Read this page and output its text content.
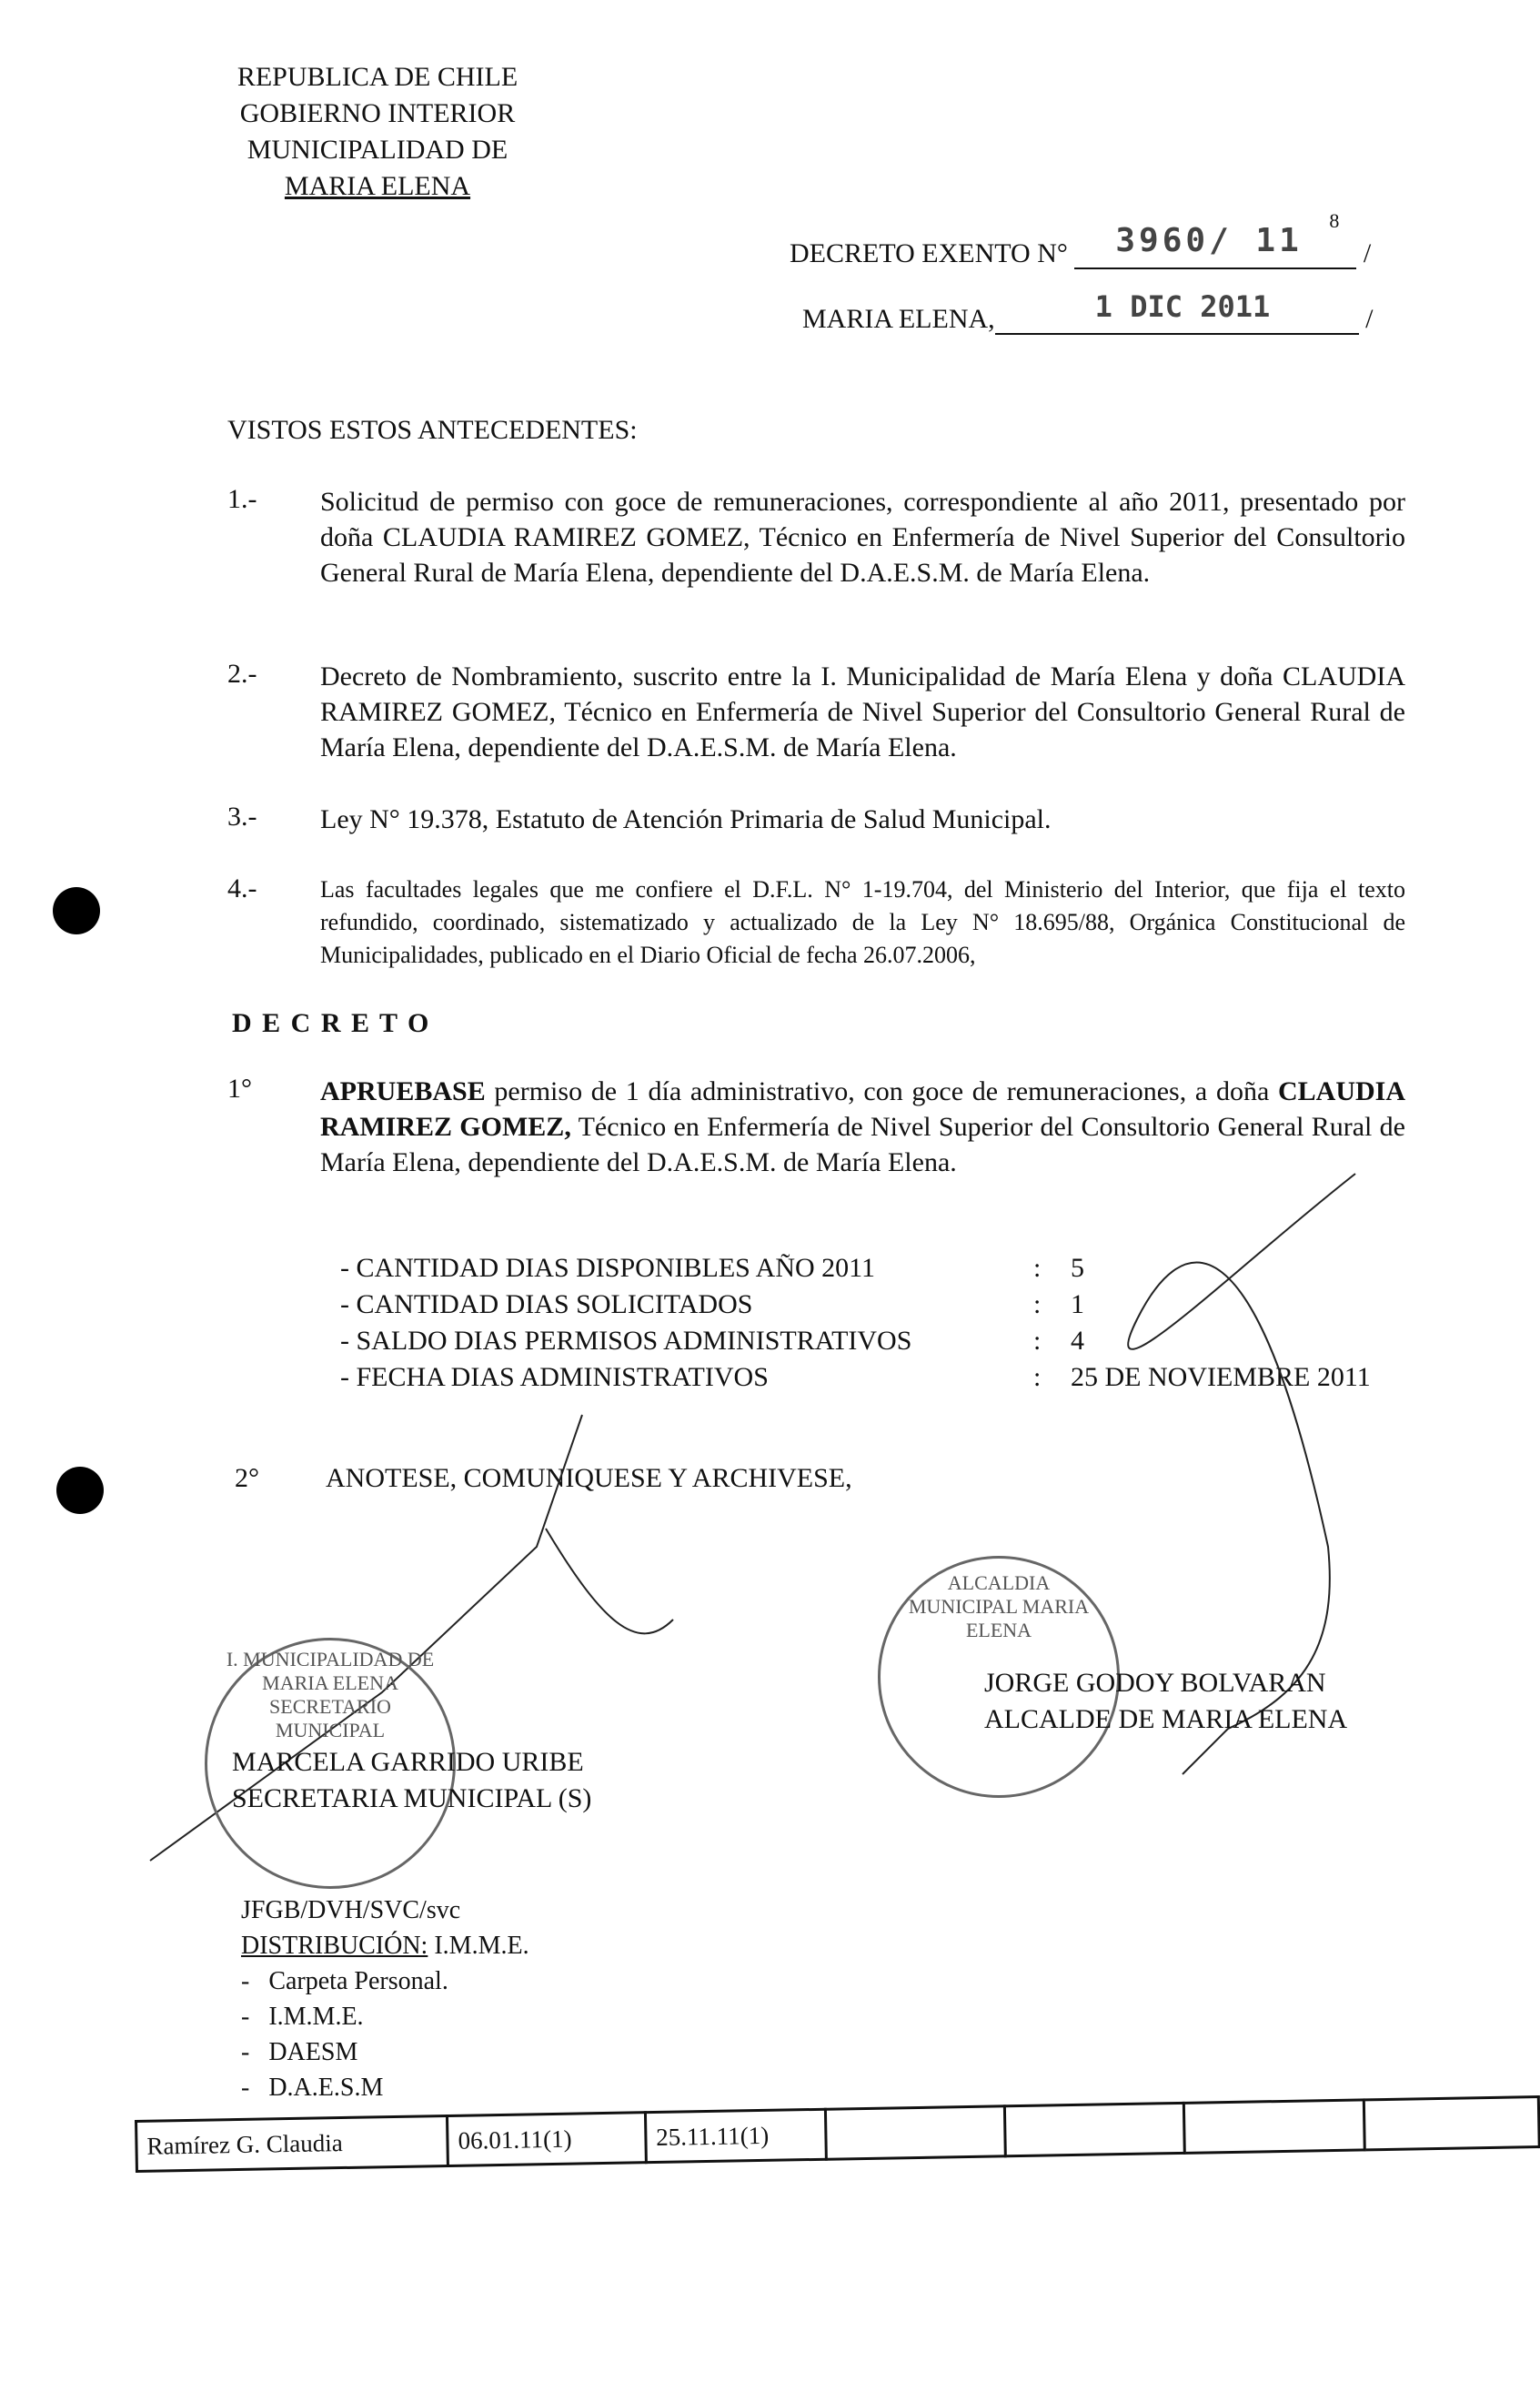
REPUBLICA DE CHILE
GOBIERNO INTERIOR
MUNICIPALIDAD DE
MARIA ELENA
DECRETO EXENTO N° 3960/ 11
8
/
MARIA ELENA,	1 DIC 2011	/
VISTOS ESTOS ANTECEDENTES:
1.-	Solicitud de permiso con goce de remuneraciones, correspondiente al año 2011, presentado por doña CLAUDIA RAMIREZ GOMEZ, Técnico en Enfermería de Nivel Superior del Consultorio General Rural de María Elena, dependiente del D.A.E.S.M. de María Elena.
2.-	Decreto de Nombramiento, suscrito entre la I. Municipalidad de María Elena y doña CLAUDIA RAMIREZ GOMEZ, Técnico en Enfermería de Nivel Superior del Consultorio General Rural de María Elena, dependiente del D.A.E.S.M. de María Elena.
3.-	Ley N° 19.378, Estatuto de Atención Primaria de Salud Municipal.
4.-	Las facultades legales que me confiere el D.F.L. N° 1-19.704, del Ministerio del Interior, que fija el texto refundido, coordinado, sistematizado y actualizado de la Ley N° 18.695/88, Orgánica Constitucional de Municipalidades, publicado en el Diario Oficial de fecha 26.07.2006,
D E C R E T O
1°	APRUEBASE permiso de 1 día administrativo, con goce de remuneraciones, a doña CLAUDIA RAMIREZ GOMEZ, Técnico en Enfermería de Nivel Superior del Consultorio General Rural de María Elena, dependiente del D.A.E.S.M. de María Elena.
- CANTIDAD DIAS DISPONIBLES AÑO 2011	:	5
- CANTIDAD DIAS SOLICITADOS	:	1
- SALDO DIAS PERMISOS ADMINISTRATIVOS	:	4
- FECHA DIAS ADMINISTRATIVOS	:	25 DE NOVIEMBRE 2011
2° ANOTESE, COMUNIQUESE Y ARCHIVESE,
ALCALDIA MUNICIPAL MARIA ELENA
I. MUNICIPALIDAD DE MARIA ELENA SECRETARIO MUNICIPAL
JORGE GODOY BOLVARAN
ALCALDE DE MARIA ELENA
MARCELA GARRIDO URIBE
SECRETARIA MUNICIPAL (S)
JFGB/DVH/SVC/svc
DISTRIBUCIÓN: I.M.M.E.
-   Carpeta Personal.
-   I.M.M.E.
-   DAESM
-   D.A.E.S.M
Ramírez G. Claudia	06.01.11(1)	25.11.11(1)				
